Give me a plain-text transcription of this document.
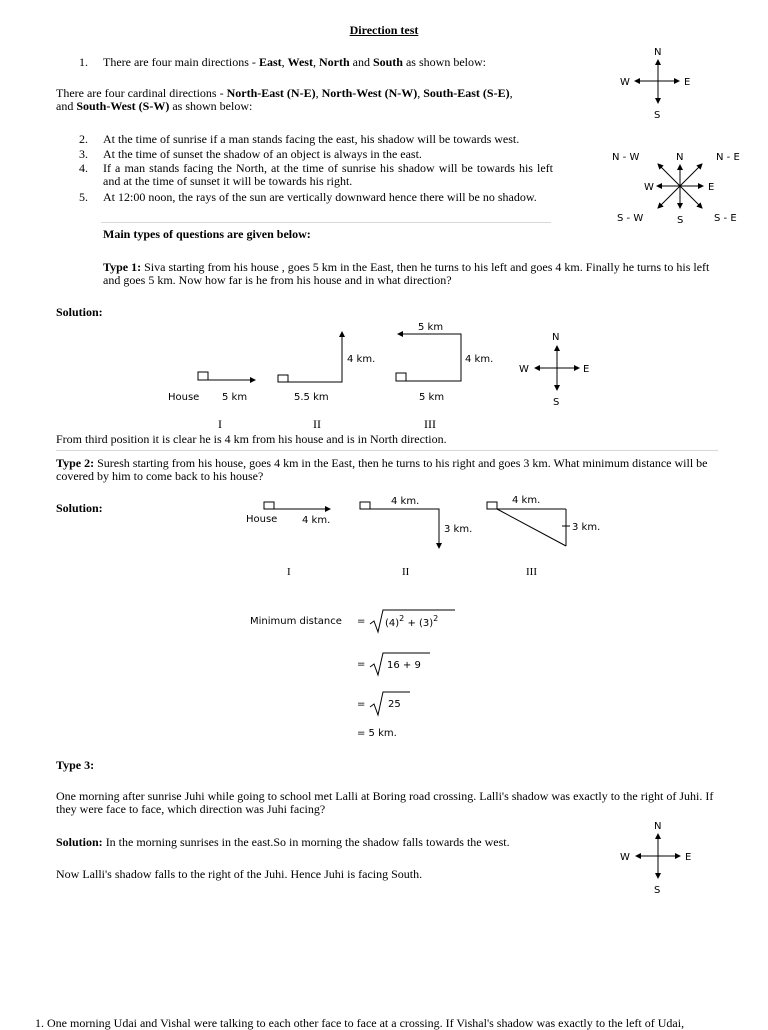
Direction test
1. There are four main directions - East, West, North and South as shown below:
There are four cardinal directions - North-East (N-E), North-West (N-W), South-East (S-E),
and South-West (S-W) as shown below:
2. At the time of sunrise if a man stands facing the east, his shadow will be towards west.
3. At the time of sunset the shadow of an object is always in the east.
4. If a man stands facing the North, at the time of sunrise his shadow will be towards his left and at the time of sunset it will be towards his right.
5. At 12:00 noon, the rays of the sun are vertically downward hence there will be no shadow.
Main types of questions are given below:
Type 1: Siva starting from his house , goes 5 km in the East, then he turns to his left and goes 4 km. Finally he turns to his left and goes 5 km. Now how far is he from his house and in what direction?
Solution:
House 5 km	5.5 km
4 km.
5 km
4 km.
5 km
I	II	III
From third position it is clear he is 4 km from his house and is in North direction.
Type 2: Suresh starting from his house, goes 4 km in the East, then he turns to his right and goes 3 km. What minimum distance will be covered by him to come back to his house?
Solution:
House 4 km.
4 km.
3 km.
4 km.
3 km.
I	II	III
Minimum distance = $(4)^2 + (3)^2$
= 16 + 9
= 25
= 5 km.
Type 3:
One morning after sunrise Juhi while going to school met Lalli at Boring road crossing. Lalli's shadow was exactly to the right of Juhi. If they were face to face, which direction was Juhi facing?
Solution: In the morning sunrises in the east.So in morning the shadow falls towards the west.
Now Lalli's shadow falls to the right of the Juhi. Hence Juhi is facing South.
1. One morning Udai and Vishal were talking to each other face to face at a crossing. If Vishal's shadow was exactly to the left of Udai,
N
S
E
W
N
S
E
W
N - E
N - W
S - E
S - W
N
S
E
W
N
S
E
W
